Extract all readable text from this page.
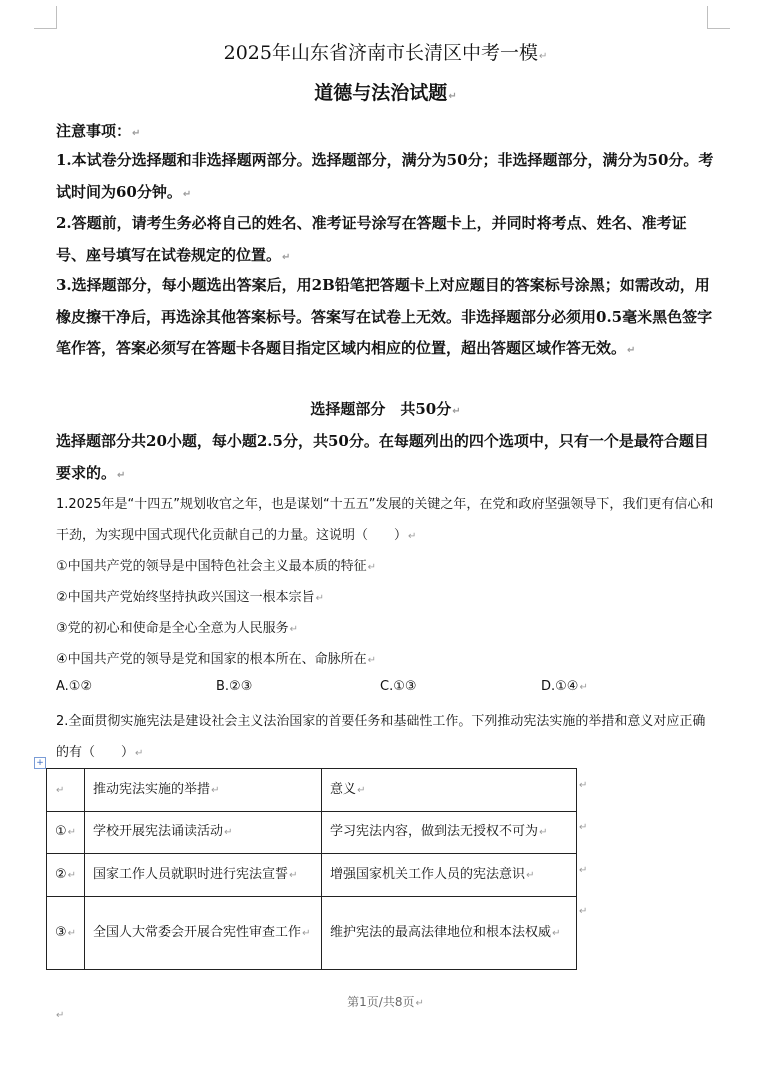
2025年山东省济南市长清区中考一模↵
道德与法治试题↵

注意事项：↵

1.本试卷分选择题和非选择题两部分。选择题部分，满分为50分；非选择题部分，满分为50分。考试时间为60分钟。↵

2.答题前，请考生务必将自己的姓名、准考证号涂写在答题卡上，并同时将考点、姓名、准考证号、座号填写在试卷规定的位置。↵

3.选择题部分，每小题选出答案后，用2B铅笔把答题卡上对应题目的答案标号涂黑；如需改动，用橡皮擦干净后，再选涂其他答案标号。答案写在试卷上无效。非选择题部分必须用0.5毫米黑色签字笔作答，答案必须写在答题卡各题目指定区域内相应的位置，超出答题区域作答无效。↵

选择题部分　共50分↵

选择题部分共20小题，每小题2.5分，共50分。在每题列出的四个选项中，只有一个是最符合题目要求的。↵

1.2025年是“十四五”规划收官之年，也是谋划“十五五”发展的关键之年，在党和政府坚强领导下，我们更有信心和干劲，为实现中国式现代化贡献自己的力量。这说明（　　）↵

①中国共产党的领导是中国特色社会主义最本质的特征↵

②中国共产党始终坚持执政兴国这一根本宗旨↵

③党的初心和使命是全心全意为人民服务↵

④中国共产党的领导是党和国家的根本所在、命脉所在↵

A.①②	B.②③	C.①③	D.①④↵

2.全面贯彻实施宪法是建设社会主义法治国家的首要任务和基础性工作。下列推动宪法实施的举措和意义对应正确的有（　　）↵

+
↵	推动宪法实施的举措↵	意义↵
①↵	学校开展宪法诵读活动↵	学习宪法内容，做到法无授权不可为↵
②↵	国家工作人员就职时进行宪法宣誓↵	增强国家机关工作人员的宪法意识↵
③↵	全国人大常委会开展合宪性审查工作↵	维护宪法的最高法律地位和根本法权威↵
↵
↵
↵
↵
第1页/共8页↵
↵
